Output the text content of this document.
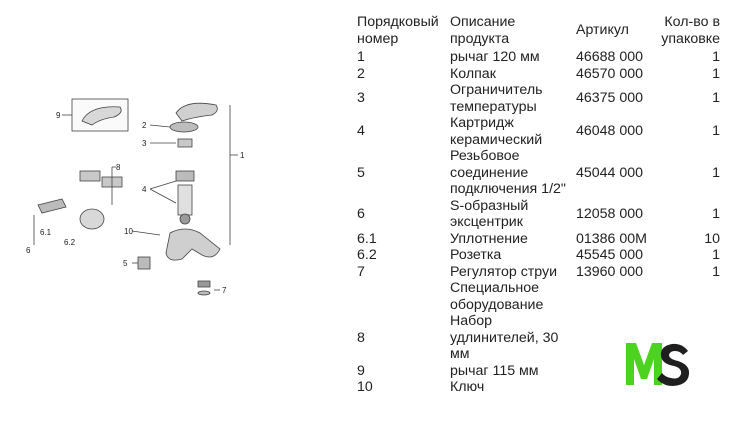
1
2
3
4
5
6
6.1
6.2
7
8
9
10
Порядковый номер	Описание продукта	Артикул	Кол-во в упаковке
1	рычаг 120 мм	46688 000	1
2	Колпак	46570 000	1
3	Ограничитель температуры	46375 000	1
4	Картридж керамический	46048 000	1
5	Резьбовое соединение подключения 1/2"	45044 000	1
6	S-образный эксцентрик	12058 000	1
6.1	Уплотнение	01386 00M	10
6.2	Розетка	45545 000	1
7	Регулятор струи	13960 000	1
	Специальное оборудование		
8	Набор удлинителей, 30 мм		
9	рычаг 115 мм		
10	Ключ		
